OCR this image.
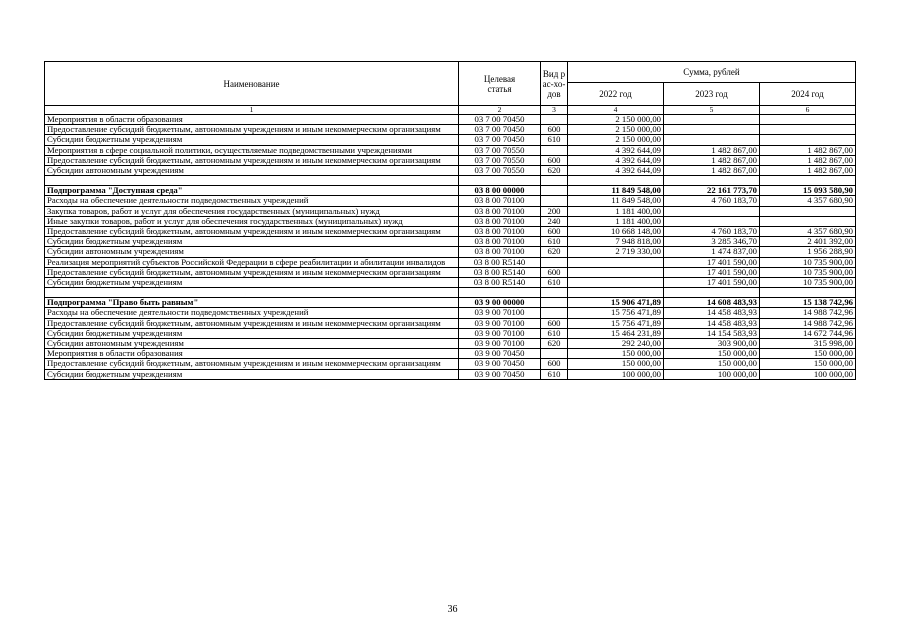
Наименование	Целевая статья	Вид рас-хо-дов	Сумма, рублей		
			2022 год	2023 год	2024 год
1	2	3	4	5	6
Мероприятия в области образования	03 7 00 70450		2 150 000,00		
Предоставление субсидий бюджетным, автономным учреждениям и иным некоммерческим организациям	03 7 00 70450	600	2 150 000,00		
Субсидии бюджетным учреждениям	03 7 00 70450	610	2 150 000,00		
Мероприятия в сфере социальной политики, осуществляемые подведомственными учреждениями	03 7 00 70550		4 392 644,09	1 482 867,00	1 482 867,00
Предоставление субсидий бюджетным, автономным учреждениям и иным некоммерческим организациям	03 7 00 70550	600	4 392 644,09	1 482 867,00	1 482 867,00
Субсидии автономным учреждениям	03 7 00 70550	620	4 392 644,09	1 482 867,00	1 482 867,00

Подпрограмма "Доступная среда"	03 8 00 00000		11 849 548,00	22 161 773,70	15 093 580,90
Расходы на обеспечение деятельности подведомственных учреждений	03 8 00 70100		11 849 548,00	4 760 183,70	4 357 680,90
Закупка товаров, работ и услуг для обеспечения государственных (муниципальных) нужд	03 8 00 70100	200	1 181 400,00		
Иные закупки товаров, работ и услуг для обеспечения государственных (муниципальных) нужд	03 8 00 70100	240	1 181 400,00		
Предоставление субсидий бюджетным, автономным учреждениям и иным некоммерческим организациям	03 8 00 70100	600	10 668 148,00	4 760 183,70	4 357 680,90
Субсидии бюджетным учреждениям	03 8 00 70100	610	7 948 818,00	3 285 346,70	2 401 392,00
Субсидии автономным учреждениям	03 8 00 70100	620	2 719 330,00	1 474 837,00	1 956 288,90
Реализация мероприятий субъектов Российской Федерации в сфере реабилитации и абилитации инвалидов	03 8 00 R5140			17 401 590,00	10 735 900,00
Предоставление субсидий бюджетным, автономным учреждениям и иным некоммерческим организациям	03 8 00 R5140	600		17 401 590,00	10 735 900,00
Субсидии бюджетным учреждениям	03 8 00 R5140	610		17 401 590,00	10 735 900,00

Подпрограмма "Право быть равным"	03 9 00 00000		15 906 471,89	14 608 483,93	15 138 742,96
Расходы на обеспечение деятельности подведомственных учреждений	03 9 00 70100		15 756 471,89	14 458 483,93	14 988 742,96
Предоставление субсидий бюджетным, автономным учреждениям и иным некоммерческим организациям	03 9 00 70100	600	15 756 471,89	14 458 483,93	14 988 742,96
Субсидии бюджетным учреждениям	03 9 00 70100	610	15 464 231,89	14 154 583,93	14 672 744,96
Субсидии автономным учреждениям	03 9 00 70100	620	292 240,00	303 900,00	315 998,00
Мероприятия в области образования	03 9 00 70450		150 000,00	150 000,00	150 000,00
Предоставление субсидий бюджетным, автономным учреждениям и иным некоммерческим организациям	03 9 00 70450	600	150 000,00	150 000,00	150 000,00
Субсидии бюджетным учреждениям	03 9 00 70450	610	100 000,00	100 000,00	100 000,00
36
